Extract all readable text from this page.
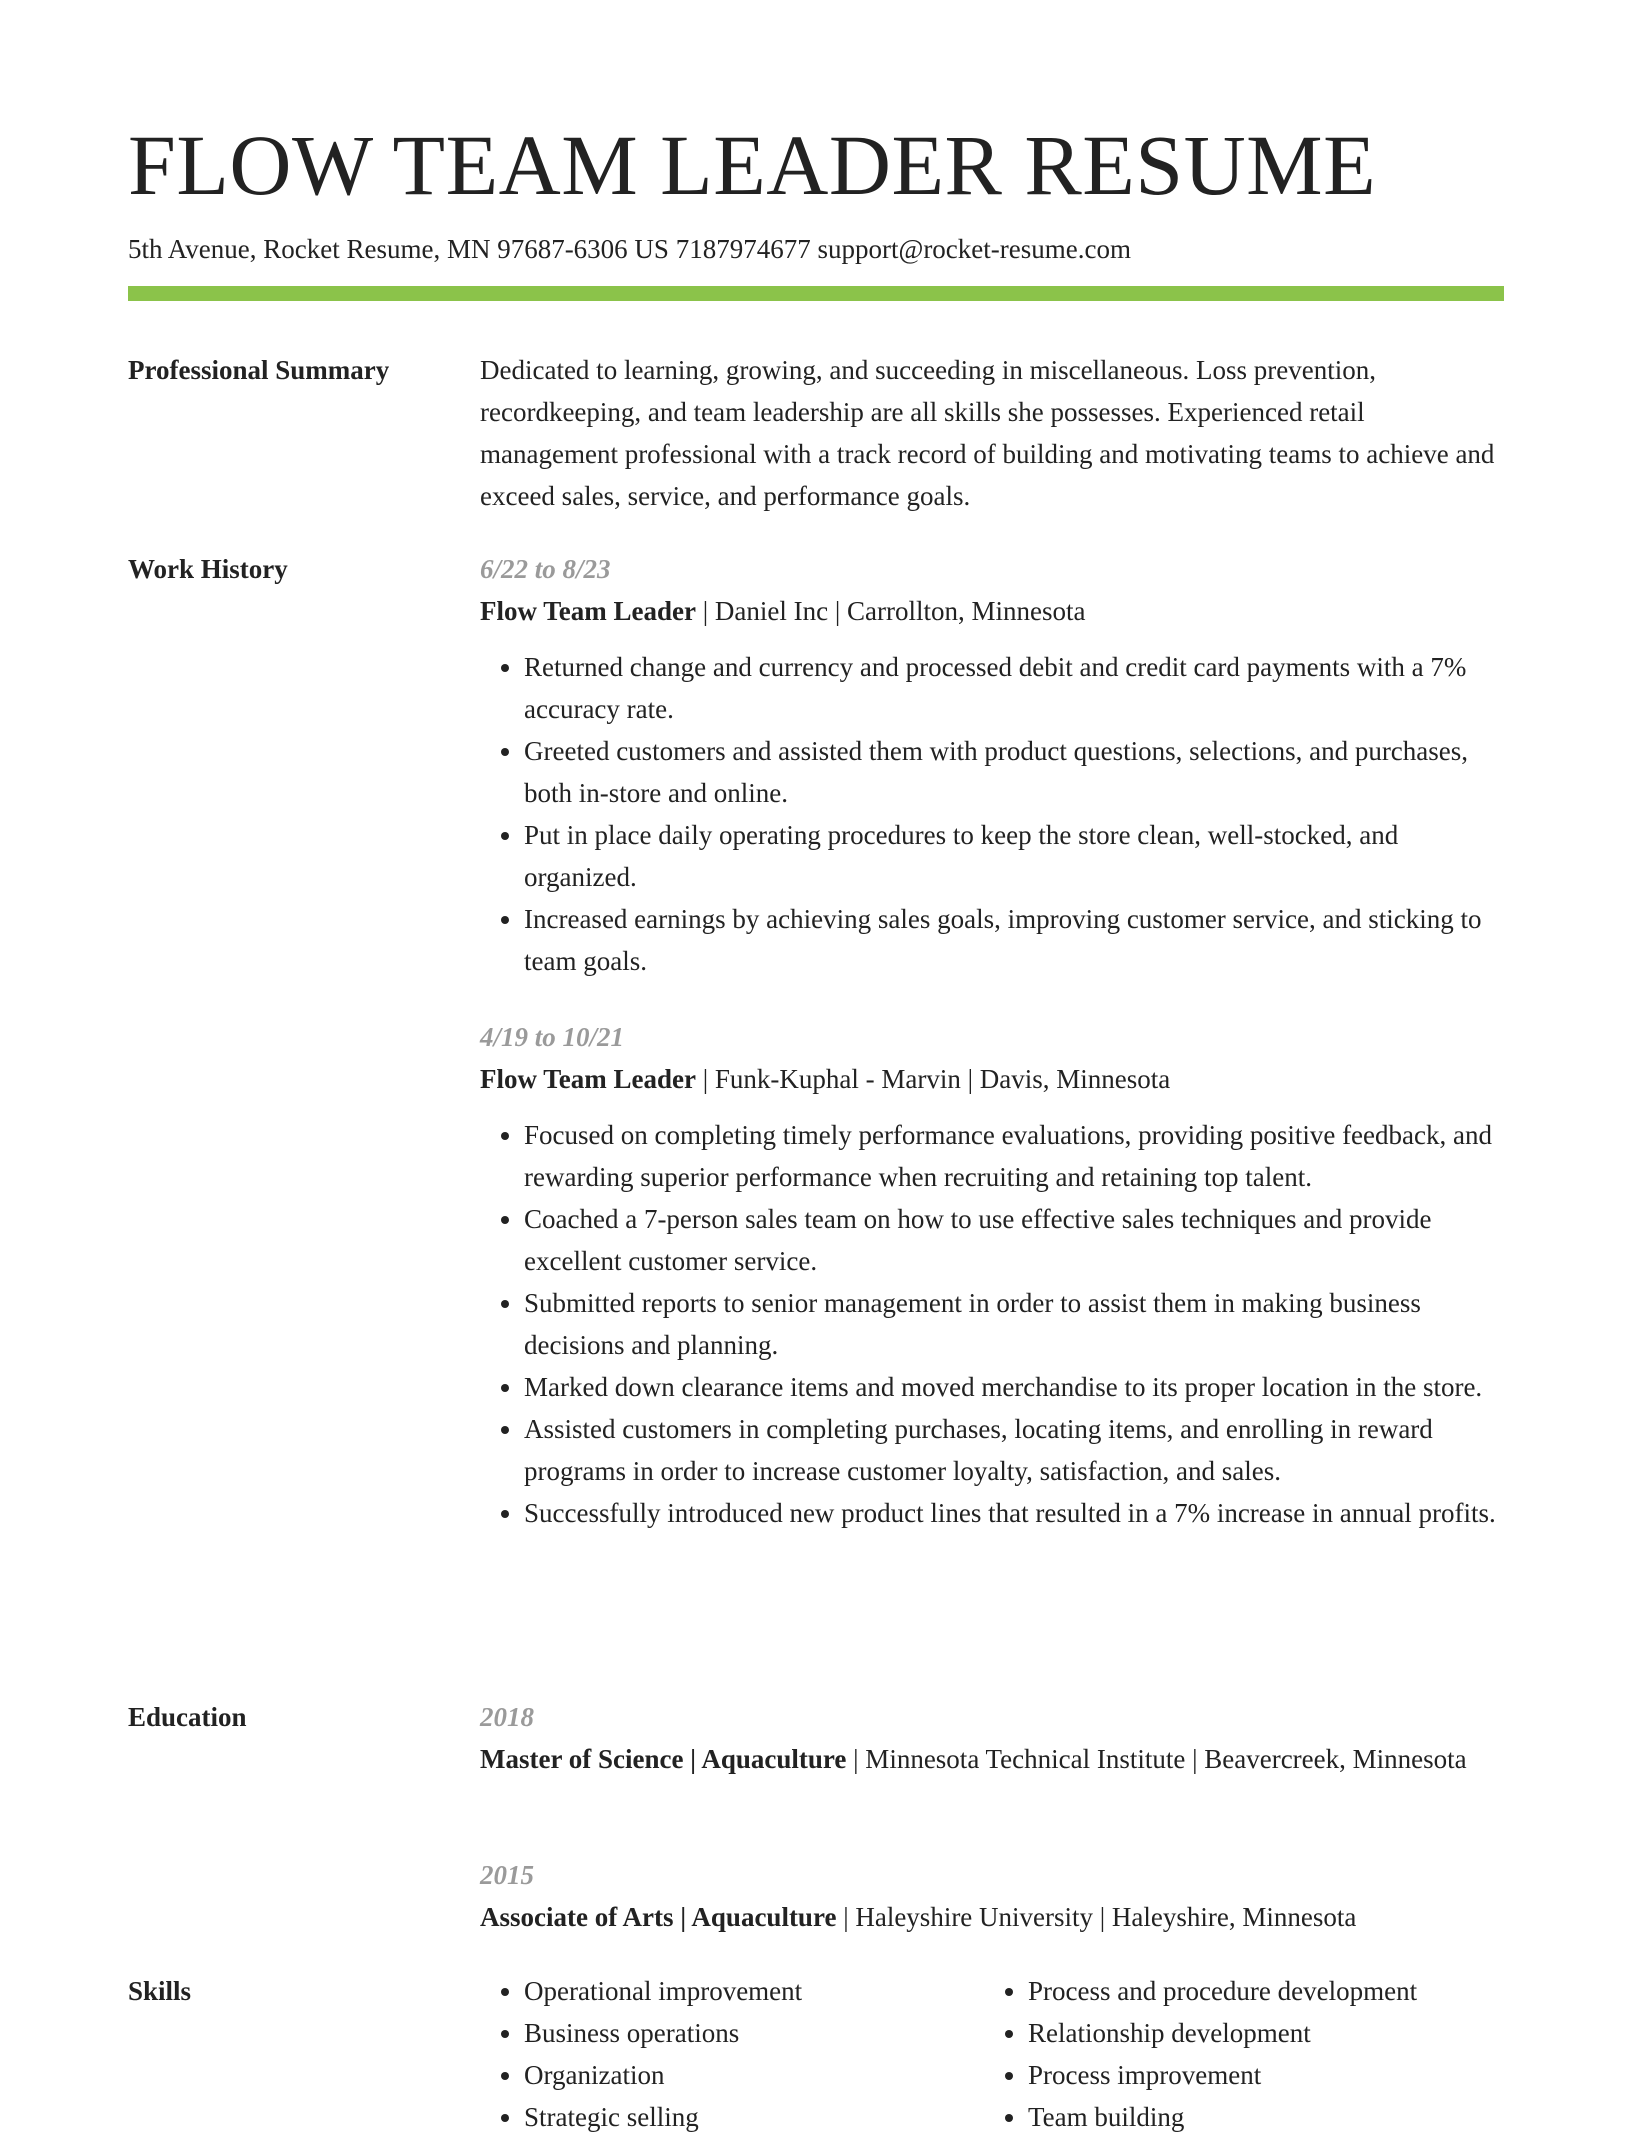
FLOW TEAM LEADER RESUME
5th Avenue, Rocket Resume, MN 97687-6306 US 7187974677 support@rocket-resume.com
Professional Summary	Dedicated to learning, growing, and succeeding in miscellaneous. Loss prevention, recordkeeping, and team leadership are all skills she possesses. Experienced retail management professional with a track record of building and motivating teams to achieve and exceed sales, service, and performance goals.

Work History	6/22 to 8/23
Flow Team Leader | Daniel Inc | Carrollton, Minnesota
• Returned change and currency and processed debit and credit card payments with a 7% accuracy rate.
• Greeted customers and assisted them with product questions, selections, and purchases, both in-store and online.
• Put in place daily operating procedures to keep the store clean, well-stocked, and organized.
• Increased earnings by achieving sales goals, improving customer service, and sticking to team goals.
4/19 to 10/21
Flow Team Leader | Funk-Kuphal - Marvin | Davis, Minnesota
• Focused on completing timely performance evaluations, providing positive feedback, and rewarding superior performance when recruiting and retaining top talent.
• Coached a 7-person sales team on how to use effective sales techniques and provide excellent customer service.
• Submitted reports to senior management in order to assist them in making business decisions and planning.
• Marked down clearance items and moved merchandise to its proper location in the store.
• Assisted customers in completing purchases, locating items, and enrolling in reward programs in order to increase customer loyalty, satisfaction, and sales.
• Successfully introduced new product lines that resulted in a 7% increase in annual profits.
Education	2018
Master of Science | Aquaculture | Minnesota Technical Institute | Beavercreek, Minnesota
2015
Associate of Arts | Aquaculture | Haleyshire University | Haleyshire, Minnesota
Skills
•	Operational improvement
• Business operations
• Organization
• Strategic selling
• Process and procedure development
• Relationship development
• Process improvement
• Team building
